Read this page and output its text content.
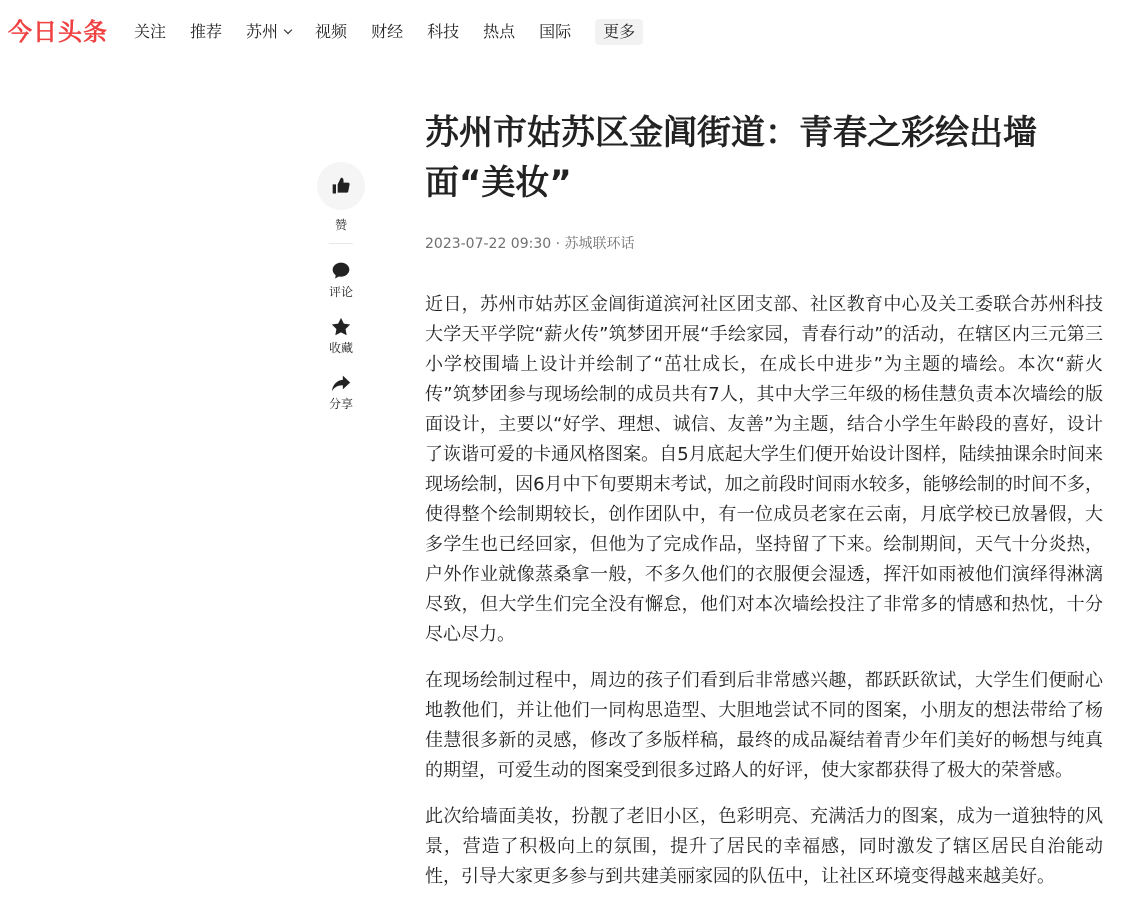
今日头条 关注 推荐 苏州 视频 财经 科技 热点 国际	更多
赞
评论
收藏
分享
苏州市姑苏区金阊街道：青春之彩绘出墙面“美妆”
2023-07-22 09:30 · 苏城联环话

近日，苏州市姑苏区金阊街道滨河社区团支部、社区教育中心及关工委联合苏州科技大学天平学院“薪火传”筑梦团开展“手绘家园，青春行动”的活动，在辖区内三元第三小学校围墙上设计并绘制了“茁壮成长，在成长中进步”为主题的墙绘。本次“薪火传”筑梦团参与现场绘制的成员共有7人，其中大学三年级的杨佳慧负责本次墙绘的版面设计，主要以“好学、理想、诚信、友善”为主题，结合小学生年龄段的喜好，设计了诙谐可爱的卡通风格图案。自5月底起大学生们便开始设计图样，陆续抽课余时间来现场绘制，因6月中下旬要期末考试，加之前段时间雨水较多，能够绘制的时间不多，使得整个绘制期较长，创作团队中，有一位成员老家在云南，月底学校已放暑假，大多学生也已经回家，但他为了完成作品，坚持留了下来。绘制期间，天气十分炎热，户外作业就像蒸桑拿一般，不多久他们的衣服便会湿透，挥汗如雨被他们演绎得淋漓尽致，但大学生们完全没有懈怠，他们对本次墙绘投注了非常多的情感和热忱，十分尽心尽力。

在现场绘制过程中，周边的孩子们看到后非常感兴趣，都跃跃欲试，大学生们便耐心地教他们，并让他们一同构思造型、大胆地尝试不同的图案，小朋友的想法带给了杨佳慧很多新的灵感，修改了多版样稿，最终的成品凝结着青少年们美好的畅想与纯真的期望，可爱生动的图案受到很多过路人的好评，使大家都获得了极大的荣誉感。

此次给墙面美妆，扮靓了老旧小区，色彩明亮、充满活力的图案，成为一道独特的风景，营造了积极向上的氛围，提升了居民的幸福感，同时激发了辖区居民自治能动性，引导大家更多参与到共建美丽家园的队伍中，让社区环境变得越来越美好。
